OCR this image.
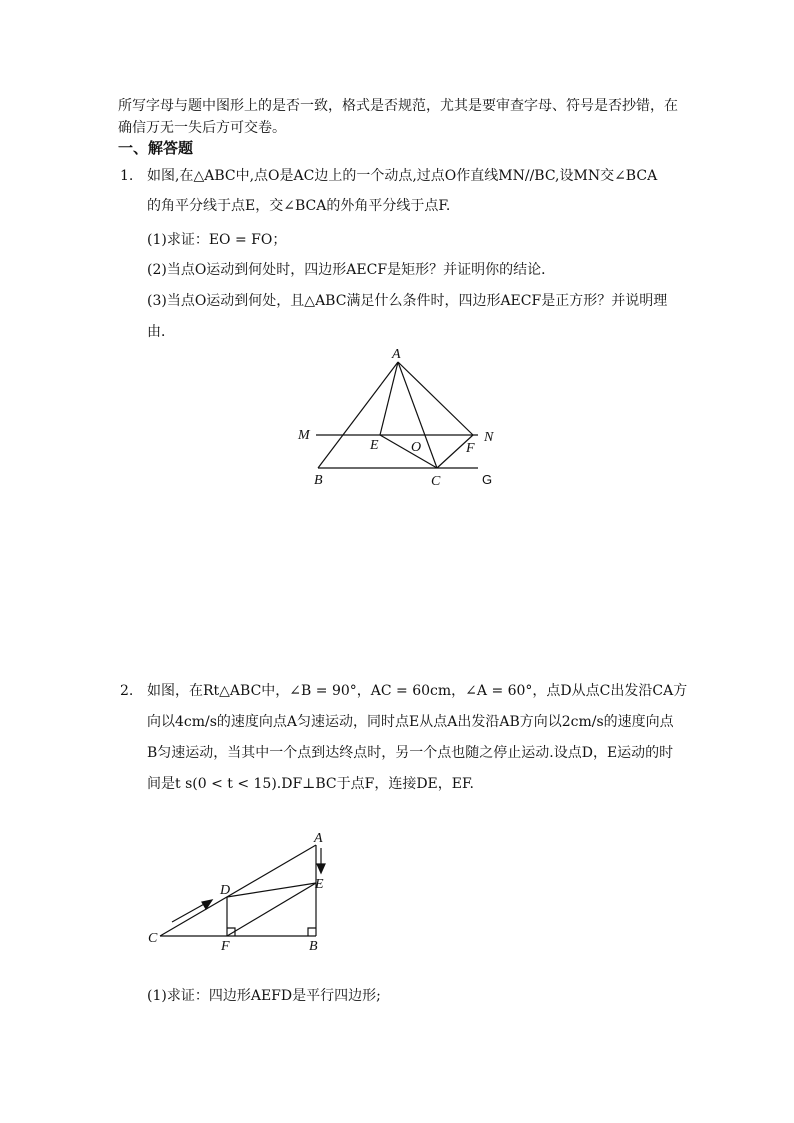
所写字母与题中图形上的是否一致，格式是否规范，尤其是要审查字母、符号是否抄错，在
确信万无一失后方可交卷。
一、解答题
1. 如图,在△ABC中,点O是AC边上的一个动点,过点O作直线MN//BC,设MN交∠BCA
的角平分线于点E，交∠BCA的外角平分线于点F.
(1)求证：EO = FO；
(2)当点O运动到何处时，四边形AECF是矩形？并证明你的结论．
(3)当点O运动到何处，且△ABC满足什么条件时，四边形AECF是正方形？并说明理
由．
A
M	N
E O	F
B	C	G
2. 如图，在Rt△ABC中，∠B = 90°，AC = 60cm，∠A = 60°，点D从点C出发沿CA方
向以4cm/s的速度向点A匀速运动，同时点E从点A出发沿AB方向以2cm/s的速度向点
B匀速运动，当其中一个点到达终点时，另一个点也随之停止运动.设点D，E运动的时
间是t s(0 < t < 15).DF⊥BC于点F，连接DE，EF.
A
E
D
C
F	B
(1)求证：四边形AEFD是平行四边形;
